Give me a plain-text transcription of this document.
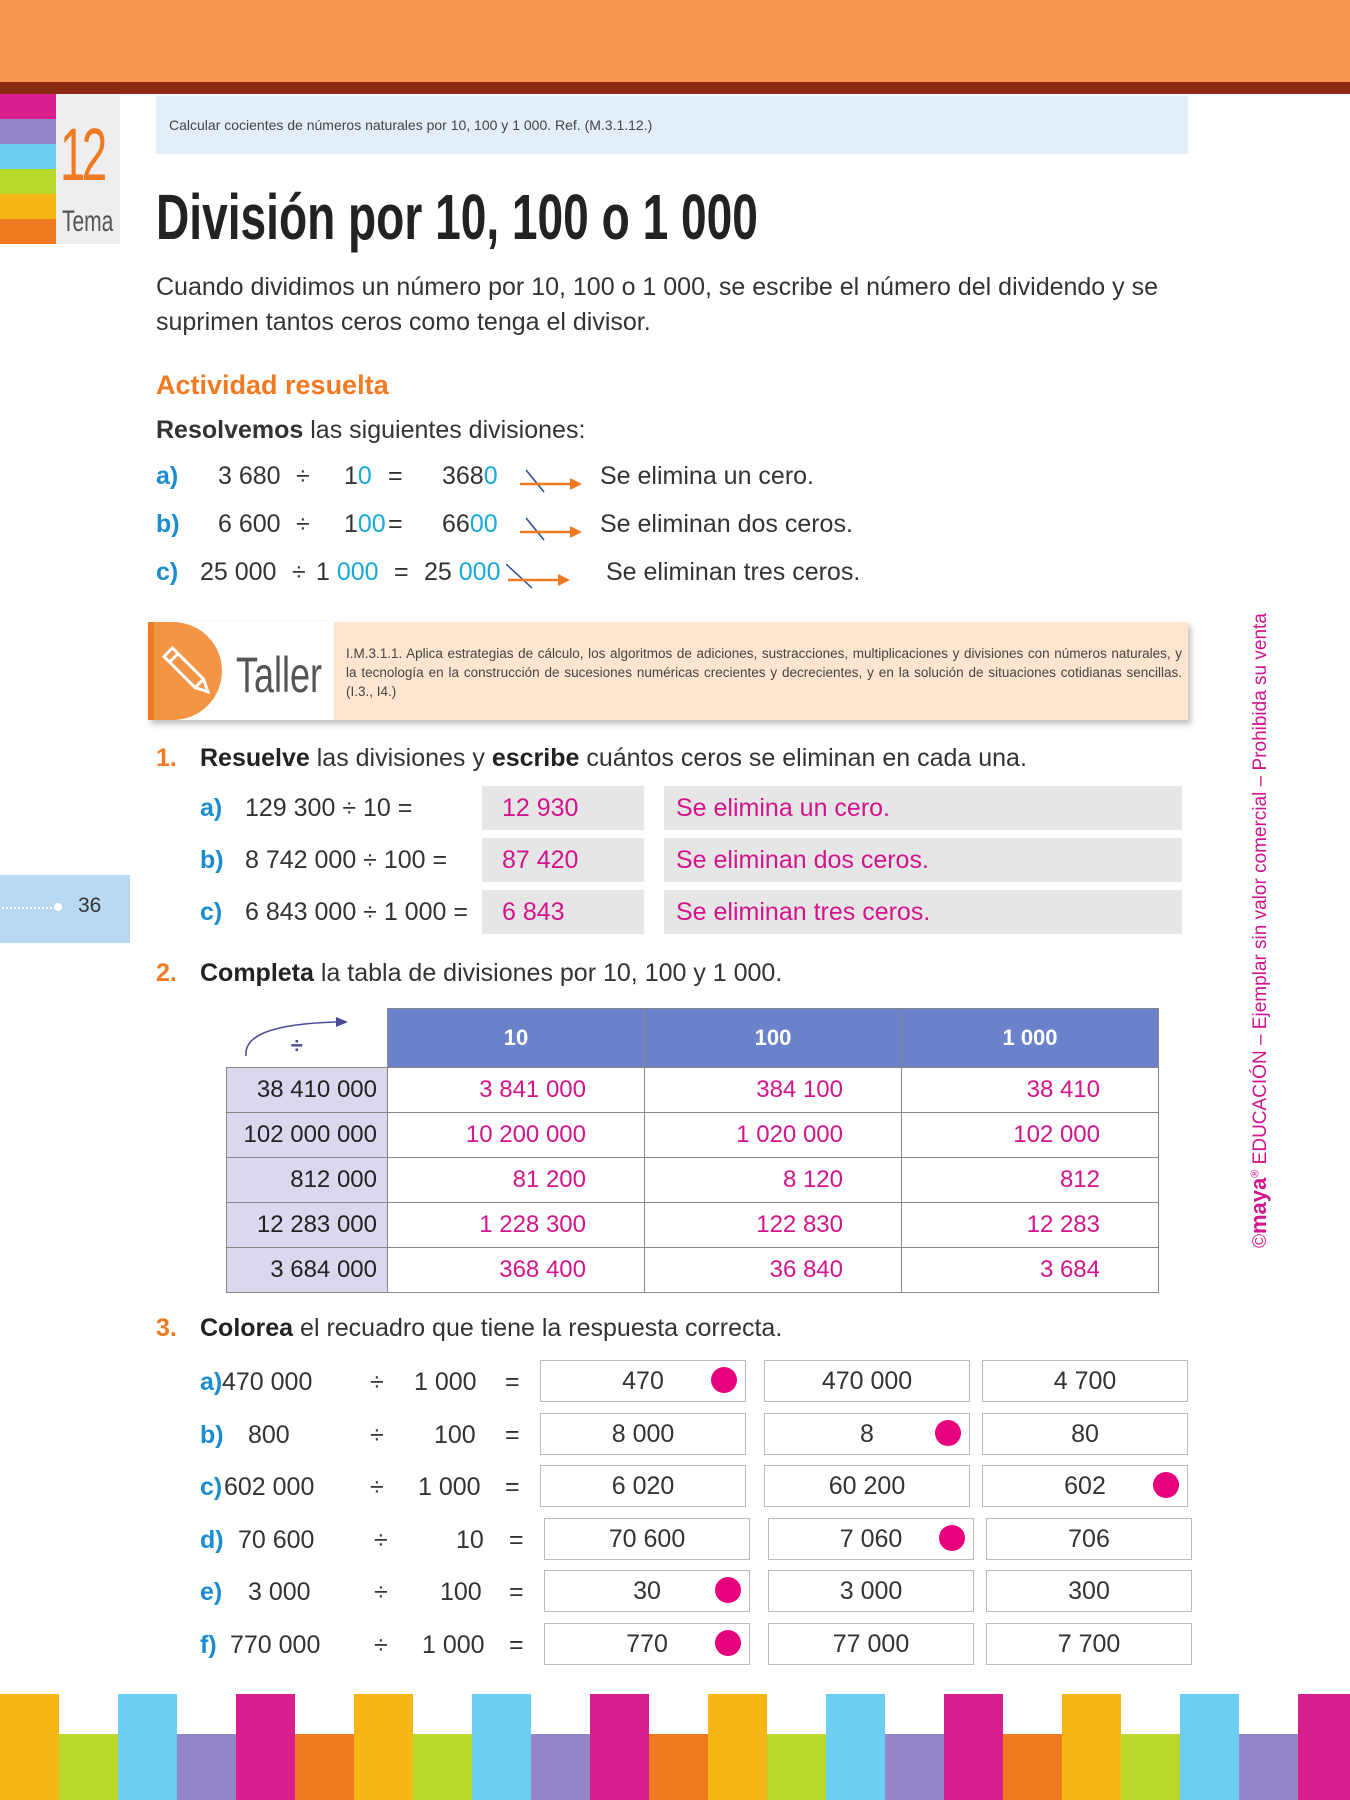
12
Tema
Calcular cocientes de números naturales por 10, 100 y 1 000. Ref. (M.3.1.12.)
División por 10, 100 o 1 000
Cuando dividimos un número por 10, 100 o 1 000, se escribe el número del dividendo y se suprimen tantos ceros como tenga el divisor.
Actividad resuelta
Resolvemos las siguientes divisiones:
a) 3 680 ÷ 10 = 3680	Se elimina un cero.
b) 6 600 ÷ 100 = 6600	Se eliminan dos ceros.
c) 25 000 ÷ 1 000 = 25 000	Se eliminan tres ceros.
Taller I.M.3.1.1. Aplica estrategias de cálculo, los algoritmos de adiciones, sustracciones, multiplicaciones y divisiones con números naturales, y la tecnología en la construcción de sucesiones numéricas crecientes y decrecientes, y en la solución de situaciones cotidianas sencillas. (I.3., I4.)
1. Resuelve las divisiones y escribe cuántos ceros se eliminan en cada una.
a) 129 300 ÷ 10 =	12 930	Se elimina un cero.
b) 8 742 000 ÷ 100 = 87 420	Se eliminan dos ceros.
c) 6 843 000 ÷ 1 000 = 6 843	Se eliminan tres ceros.
36
2. Completa la tabla de divisiones por 10, 100 y 1 000.
÷	10	100	1 000
38 410 000	3 841 000	384 100	38 410
102 000 000	10 200 000	1 020 000	102 000
812 000	81 200	8 120	812
12 283 000	1 228 300	122 830	12 283
3 684 000	368 400	36 840	3 684
3. Colorea el recuadro que tiene la respuesta correcta.
a) 470 000 ÷ 1 000 =	470	470 000	4 700
b) 800	÷ 100 =	8 000	8	80
c) 602 000 ÷ 1 000 =	6 020	60 200	602
d) 70 600 ÷	10 =	70 600	7 060	706
e) 3 000	÷ 100 =	30	3 000	300
f) 770 000 ÷ 1 000 =	770	77 000	7 700
©maya® EDUCACIÓN – Ejemplar sin valor comercial – Prohibida su venta
